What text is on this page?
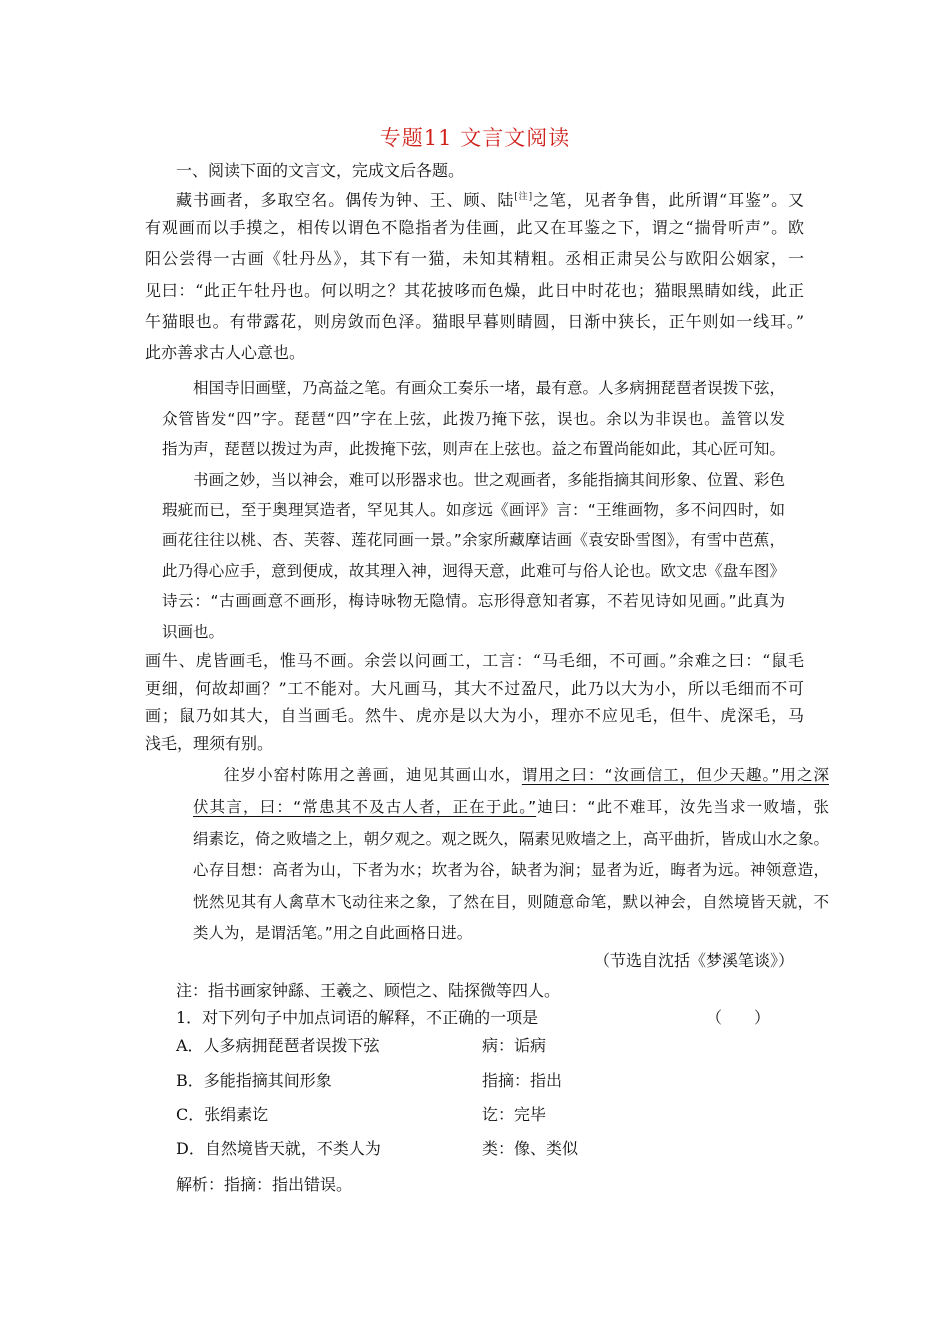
专题11 文言文阅读
一、阅读下面的文言文，完成文后各题。
藏书画者，多取空名。偶传为钟、王、顾、陆[注]之笔，见者争售，此所谓“耳鉴”。又
有观画而以手摸之，相传以谓色不隐指者为佳画，此又在耳鉴之下，谓之“揣骨听声”。欧
阳公尝得一古画《牡丹丛》，其下有一猫，未知其精粗。丞相正肃吴公与欧阳公姻家，一
见曰：“此正午牡丹也。何以明之？其花披哆而色燥，此日中时花也；猫眼黑睛如线，此正
午猫眼也。有带露花，则房敛而色泽。猫眼早暮则睛圆，日渐中狭长，正午则如一线耳。”
此亦善求古人心意也。
相国寺旧画壁，乃高益之笔。有画众工奏乐一堵，最有意。人多病拥琵琶者误拨下弦，
众管皆发“四”字。琵琶“四”字在上弦，此拨乃掩下弦，误也。余以为非误也。盖管以发
指为声，琵琶以拨过为声，此拨掩下弦，则声在上弦也。益之布置尚能如此，其心匠可知。
书画之妙，当以神会，难可以形器求也。世之观画者，多能指摘其间形象、位置、彩色
瑕疵而已，至于奥理冥造者，罕见其人。如彦远《画评》言：“王维画物，多不问四时，如
画花往往以桃、杏、芙蓉、莲花同画一景。”余家所藏摩诘画《袁安卧雪图》，有雪中芭蕉，
此乃得心应手，意到便成，故其理入神，迥得天意，此难可与俗人论也。欧文忠《盘车图》
诗云：“古画画意不画形，梅诗咏物无隐情。忘形得意知者寡，不若见诗如见画。”此真为
识画也。
画牛、虎皆画毛，惟马不画。余尝以问画工，工言：“马毛细，不可画。”余难之曰：“鼠毛
更细，何故却画？”工不能对。大凡画马，其大不过盈尺，此乃以大为小，所以毛细而不可
画；鼠乃如其大，自当画毛。然牛、虎亦是以大为小，理亦不应见毛，但牛、虎深毛，马
浅毛，理须有别。
往岁小窑村陈用之善画，迪见其画山水，谓用之曰：“汝画信工，但少天趣。”用之深
伏其言，曰：“常患其不及古人者，正在于此。”迪曰：“此不难耳，汝先当求一败墙，张
绢素讫，倚之败墙之上，朝夕观之。观之既久，隔素见败墙之上，高平曲折，皆成山水之象。
心存目想：高者为山，下者为水；坎者为谷，缺者为涧；显者为近，晦者为远。神领意造，
恍然见其有人禽草木飞动往来之象，了然在目，则随意命笔，默以神会，自然境皆天就，不
类人为，是谓活笔。”用之自此画格日进。
（节选自沈括《梦溪笔谈》）
注：指书画家钟繇、王羲之、顾恺之、陆探微等四人。
1．对下列句子中加点词语的解释，不正确的一项是	（　　）
A．人多病拥琵琶者误拨下弦	病：诟病
B．多能指摘其间形象	指摘：指出
C．张绢素讫	讫：完毕
D．自然境皆天就，不类人为	类：像、类似
解析：指摘：指出错误。
